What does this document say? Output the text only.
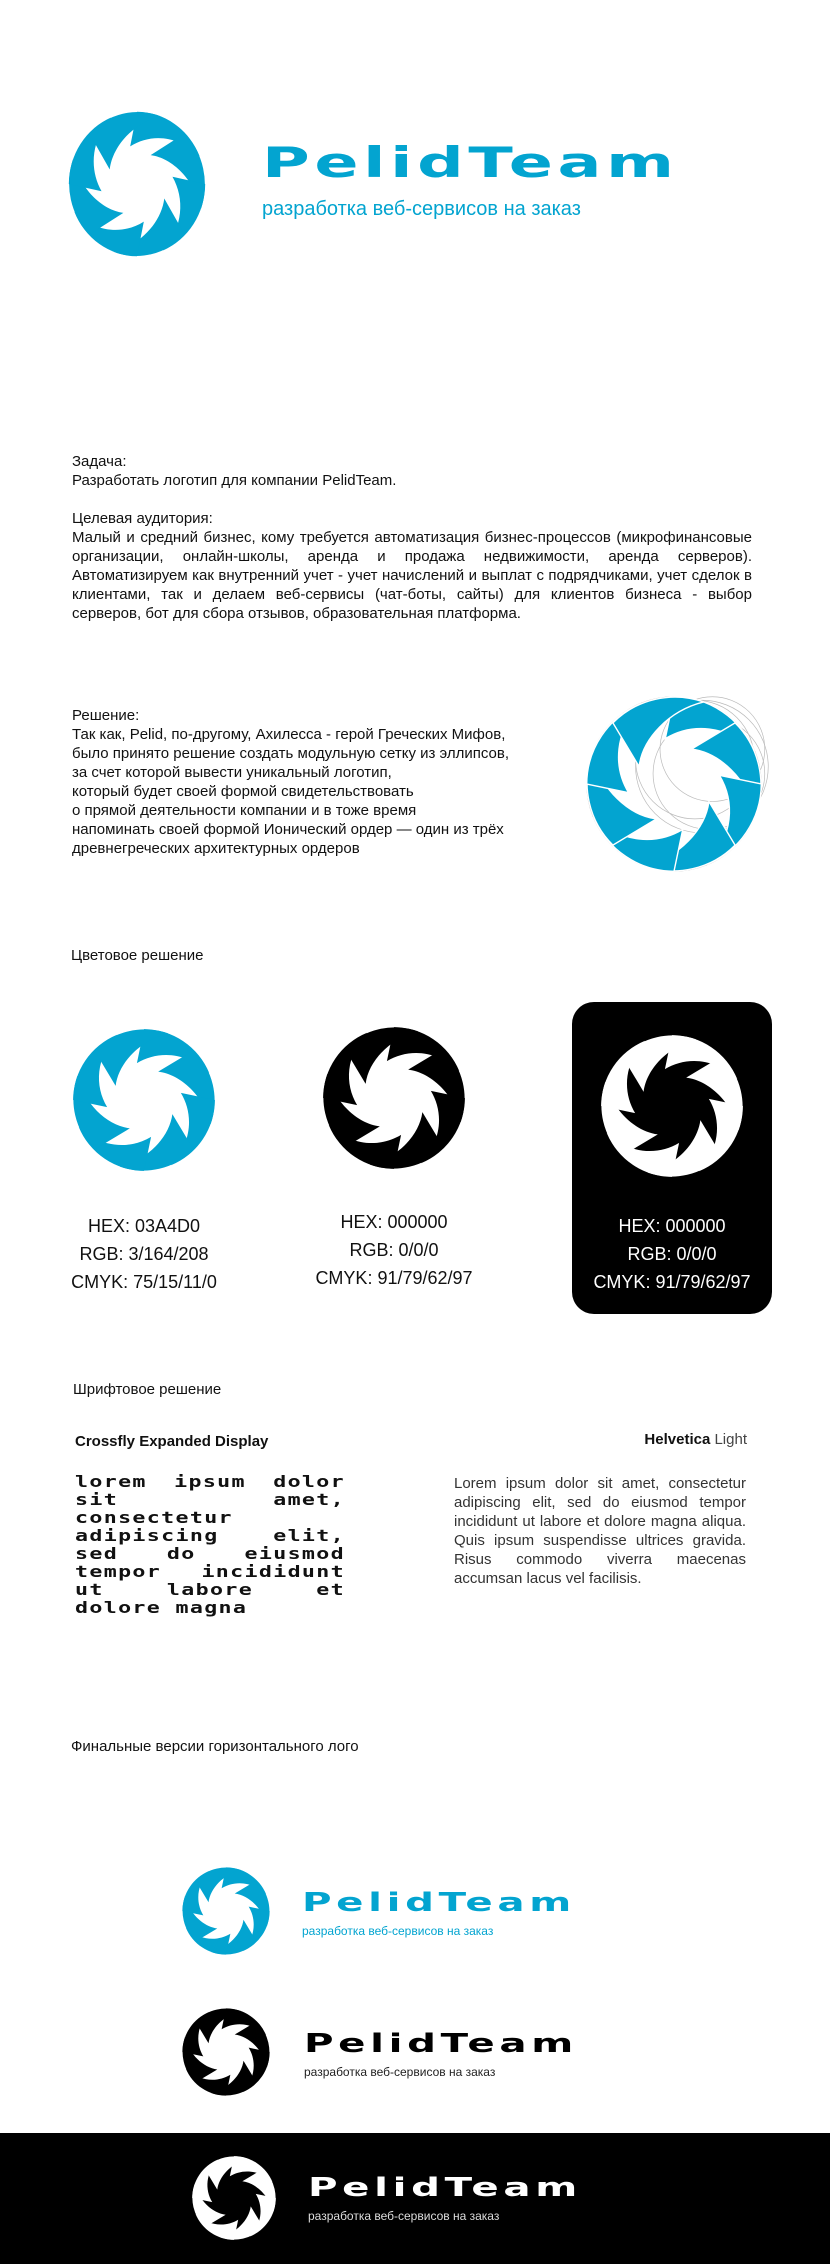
PelidTeam
разработка веб-сервисов на заказ
Задача:
Разработать логотип для компании PelidTeam.
Целевая аудитория:
Малый и средний бизнес, кому требуется автоматизация бизнес-процессов (микрофинансовые организации, онлайн-школы, аренда и продажа недвижимости, аренда серверов). Автоматизируем как внутренний учет - учет начислений и выплат с подрядчиками, учет сделок в клиентами, так и делаем веб-сервисы (чат-боты, сайты) для клиентов бизнеса - выбор серверов, бот для сбора отзывов, образовательная платформа.
Решение:
Так как, Pelid, по-другому, Ахилесса - герой Греческих Мифов,
было принято решение создать модульную сетку из эллипсов,
за счет которой вывести уникальный логотип,
который будет своей формой свидетельствовать
о прямой деятельности компании и в тоже время
напоминать своей формой Ионический ордер — один из трёх
древнегреческих архитектурных ордеров
Цветовое решение
HEX: 03A4D0
RGB: 3/164/208
CMYK: 75/15/11/0
HEX: 000000
RGB: 0/0/0
CMYK: 91/79/62/97
HEX: 000000
RGB: 0/0/0
CMYK: 91/79/62/97
Шрифтовое решение
Crossfly Expanded Display
lorem ipsum dolor sit amet, consectetur adipiscing elit, sed do eiusmod tempor incididunt ut labore et dolore magna
Helvetica Light
Lorem ipsum dolor sit amet, consectetur adipiscing elit, sed do eiusmod tempor incididunt ut labore et dolore magna aliqua. Quis ipsum suspendisse ultrices gravida. Risus commodo viverra maecenas accumsan lacus vel facilisis.
Финальные версии горизонтального лого
PelidTeam
разработка веб-сервисов на заказ
PelidTeam
разработка веб-сервисов на заказ
PelidTeam
разработка веб-сервисов на заказ
